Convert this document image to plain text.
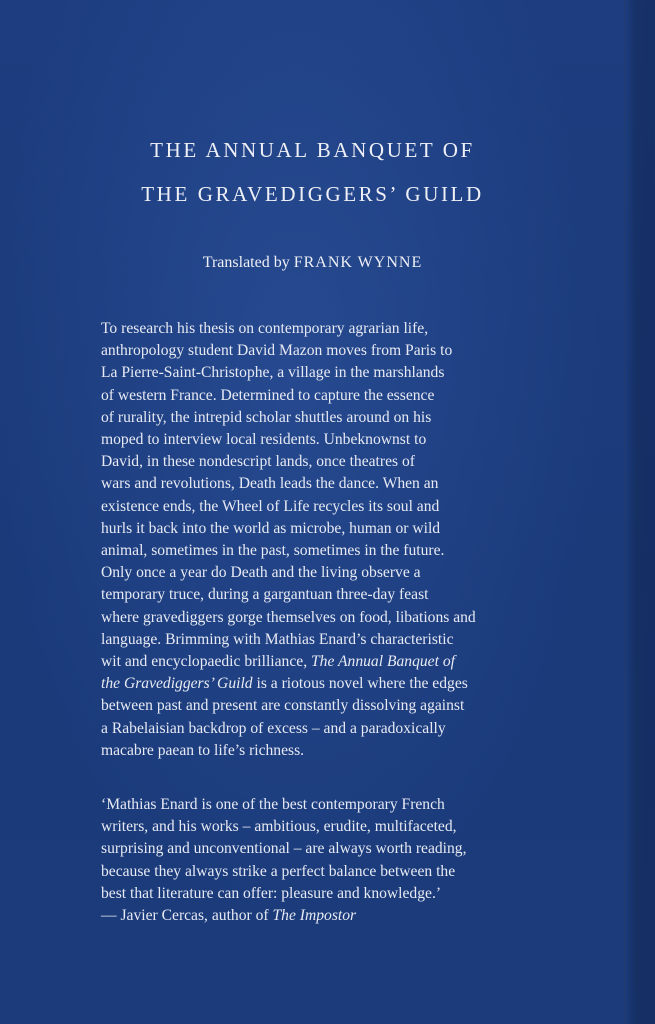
THE ANNUAL BANQUET OF
THE GRAVEDIGGERS’ GUILD
Translated by FRANK WYNNE

To research his thesis on contemporary agrarian life,
anthropology student David Mazon moves from Paris to
La Pierre-Saint-Christophe, a village in the marshlands
of western France. Determined to capture the essence
of rurality, the intrepid scholar shuttles around on his
moped to interview local residents. Unbeknownst to
David, in these nondescript lands, once theatres of
wars and revolutions, Death leads the dance. When an
existence ends, the Wheel of Life recycles its soul and
hurls it back into the world as microbe, human or wild
animal, sometimes in the past, sometimes in the future.
Only once a year do Death and the living observe a
temporary truce, during a gargantuan three-day feast
where gravediggers gorge themselves on food, libations and
language. Brimming with Mathias Enard’s characteristic
wit and encyclopaedic brilliance, The Annual Banquet of
the Gravediggers’ Guild is a riotous novel where the edges
between past and present are constantly dissolving against
a Rabelaisian backdrop of excess – and a paradoxically
macabre paean to life’s richness.

‘Mathias Enard is one of the best contemporary French
writers, and his works – ambitious, erudite, multifaceted,
surprising and unconventional – are always worth reading,
because they always strike a perfect balance between the
best that literature can offer: pleasure and knowledge.’
— Javier Cercas, author of The Impostor
